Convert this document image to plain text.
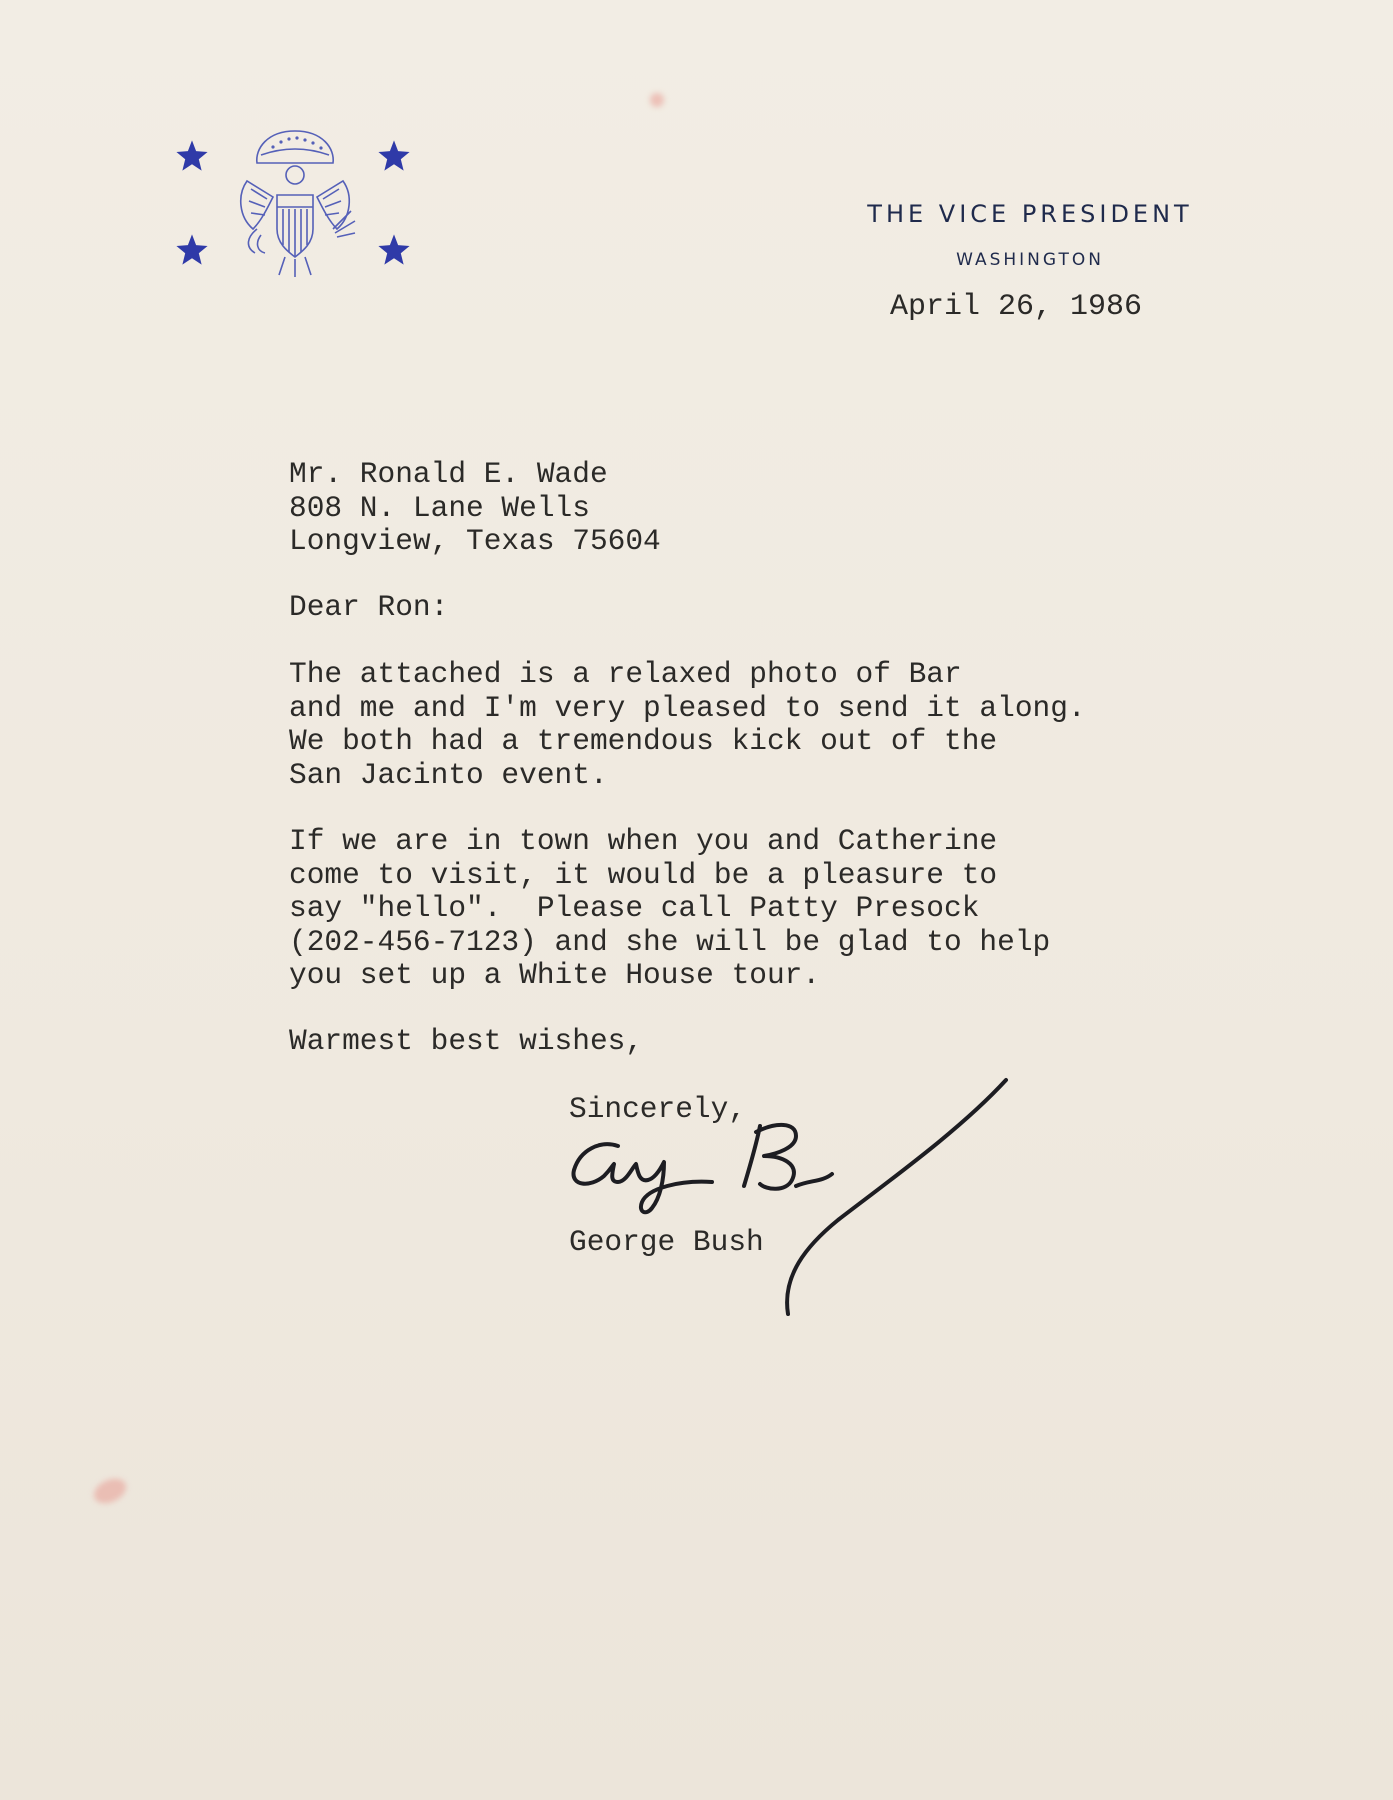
THE VICE PRESIDENT
WASHINGTON
April 26, 1986
Mr. Ronald E. Wade
808 N. Lane Wells
Longview, Texas 75604
Dear Ron:
The attached is a relaxed photo of Bar
and me and I'm very pleased to send it along.
We both had a tremendous kick out of the
San Jacinto event.
If we are in town when you and Catherine
come to visit, it would be a pleasure to
say "hello".  Please call Patty Presock
(202-456-7123) and she will be glad to help
you set up a White House tour.
Warmest best wishes,
Sincerely,
George Bush
